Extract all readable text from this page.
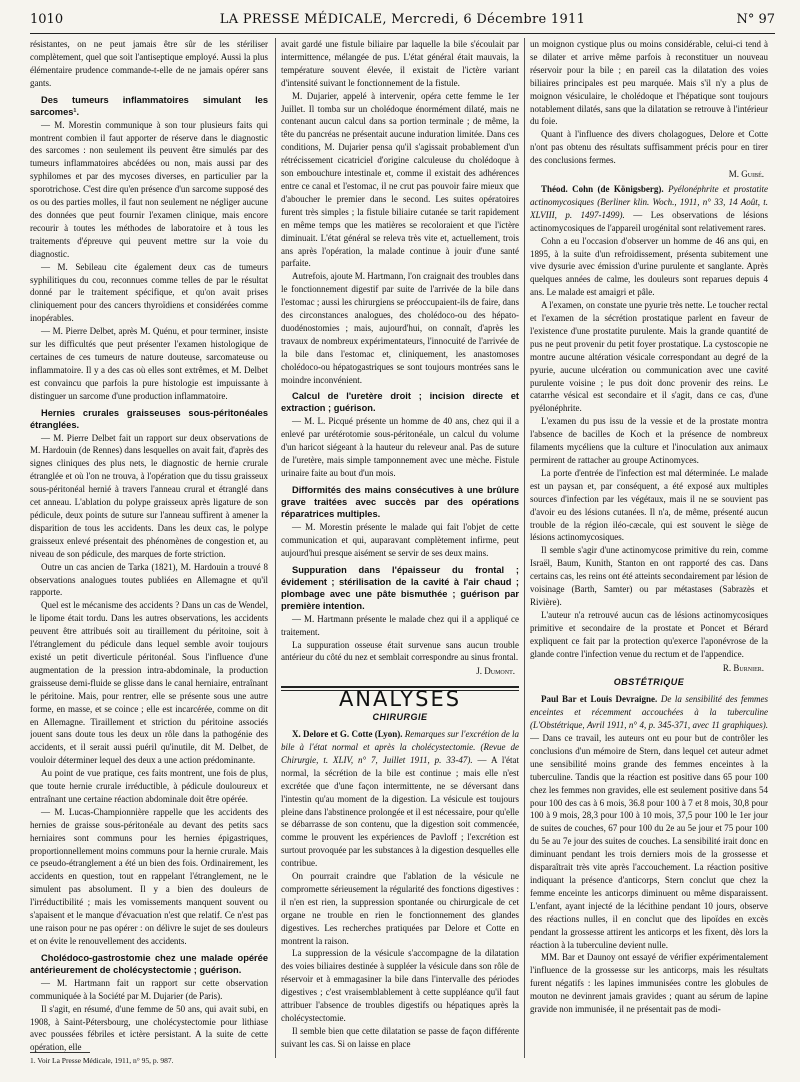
1010	LA PRESSE MÉDICALE, Mercredi, 6 Décembre 1911	N° 97

résistantes, on ne peut jamais être sûr de les stériliser complètement, quel que soit l'antiseptique employé. Aussi la plus élémentaire prudence commande-t-elle de ne jamais opérer sans gants.

Des tumeurs inflammatoires simulant les sarcomes¹.

— M. Morestin communique à son tour plusieurs faits qui montrent combien il faut apporter de réserve dans le diagnostic des sarcomes : non seulement ils peuvent être simulés par des tumeurs inflammatoires abcédées ou non, mais aussi par des syphilomes et par des mycoses diverses, en particulier par la sporotrichose. C'est dire qu'en présence d'un sarcome supposé des os ou des parties molles, il faut non seulement ne négliger aucune des données que peut fournir l'examen clinique, mais encore recourir à toutes les méthodes de laboratoire et à tous les traitements d'épreuve qui peuvent mettre sur la voie du diagnostic.

— M. Sebileau cite également deux cas de tumeurs syphilitiques du cou, reconnues comme telles de par le résultat donné par le traitement spécifique, et qu'on avait prises cliniquement pour des cancers thyroïdiens et considérées comme inopérables.

— M. Pierre Delbet, après M. Quénu, et pour terminer, insiste sur les difficultés que peut présenter l'examen histologique de certaines de ces tumeurs de nature douteuse, sarcomateuse ou inflammatoire. Il y a des cas où elles sont extrêmes, et M. Delbet est convaincu que parfois la pure histologie est impuissante à distinguer un sarcome d'une production inflammatoire.

Hernies crurales graisseuses sous-péritonéales étranglées.

— M. Pierre Delbet fait un rapport sur deux observations de M. Hardouin (de Rennes) dans lesquelles on avait fait, d'après des signes cliniques des plus nets, le diagnostic de hernie crurale étranglée et où l'on ne trouva, à l'opération que du tissu graisseux sous-péritonéal hernié à travers l'anneau crural et étranglé dans cet anneau. L'ablation du polype graisseux après ligature de son pédicule, deux points de suture sur l'anneau suffirent à amener la disparition de tous les accidents. Dans les deux cas, le polype graisseux enlevé présentait des phénomènes de congestion et, au niveau de son pédicule, des marques de forte striction.

Outre un cas ancien de Tarka (1821), M. Hardouin a trouvé 8 observations analogues toutes publiées en Allemagne et qu'il rapporte.

Quel est le mécanisme des accidents ? Dans un cas de Wendel, le lipome était tordu. Dans les autres observations, les accidents peuvent être attribués soit au tiraillement du péritoine, soit à l'étranglement du pédicule dans lequel semble avoir toujours existé un petit diverticule péritonéal. Sous l'influence d'une augmentation de la pression intra-abdominale, la production graisseuse demi-fluide se glisse dans le canal herniaire, entraînant le péritoine. Mais, pour rentrer, elle se présente sous une autre forme, en masse, et se coince ; elle est incarcérée, comme on dit en Allemagne. Tiraillement et striction du péritoine associés jouent sans doute tous les deux un rôle dans la pathogénie des accidents, et il serait aussi puéril qu'inutile, dit M. Delbet, de vouloir déterminer lequel des deux a une action prédominante.

Au point de vue pratique, ces faits montrent, une fois de plus, que toute hernie crurale irréductible, à pédicule douloureux et entraînant une certaine réaction abdominale doit être opérée.

— M. Lucas-Championnière rappelle que les accidents des hernies de graisse sous-péritonéale au devant des petits sacs herniaires sont communs pour les hernies épigastriques, proportionnellement moins communs pour la hernie crurale. Mais ce pseudo-étranglement a été un bien des fois. Ordinairement, les accidents en question, tout en rappelant l'étranglement, ne le simulent pas absolument. Il y a bien des douleurs de l'irréductibilité ; mais les vomissements manquent souvent ou s'apaisent et le manque d'évacuation n'est que relatif. Ce n'est pas une raison pour ne pas opérer : on délivre le sujet de ses douleurs et on évite le renouvellement des accidents.

Cholédoco-gastrostomie chez une malade opérée antérieurement de cholécystectomie ; guérison.

— M. Hartmann fait un rapport sur cette observation communiquée à la Société par M. Dujarier (de Paris).

Il s'agit, en résumé, d'une femme de 50 ans, qui avait subi, en 1908, à Saint-Pétersbourg, une cholécystectomie pour lithiase avec poussées fébriles et ictère persistant. A la suite de cette opération, elle

avait gardé une fistule biliaire par laquelle la bile s'écoulait par intermittence, mélangée de pus. L'état général était mauvais, la température souvent élevée, il existait de l'ictère variant d'intensité suivant le fonctionnement de la fistule.

M. Dujarier, appelé à intervenir, opéra cette femme le 1er Juillet. Il tomba sur un cholédoque énormément dilaté, mais ne contenant aucun calcul dans sa portion terminale ; de même, la tête du pancréas ne présentait aucune induration limitée. Dans ces conditions, M. Dujarier pensa qu'il s'agissait probablement d'un rétrécissement cicatriciel d'origine calculeuse du cholédoque à son embouchure intestinale et, comme il existait des adhérences entre ce canal et l'estomac, il ne crut pas pouvoir faire mieux que d'aboucher le premier dans le second. Les suites opératoires furent très simples ; la fistule biliaire cutanée se tarit rapidement en même temps que les matières se recoloraient et que l'ictère diminuait. L'état général se releva très vite et, actuellement, trois ans après l'opération, la malade continue à jouir d'une santé parfaite.

Autrefois, ajoute M. Hartmann, l'on craignait des troubles dans le fonctionnement digestif par suite de l'arrivée de la bile dans l'estomac ; aussi les chirurgiens se préoccupaient-ils de faire, dans des circonstances analogues, des cholédoco-ou des hépato-duodénostomies ; mais, aujourd'hui, on connaît, d'après les travaux de nombreux expérimentateurs, l'innocuité de l'arrivée de la bile dans l'estomac et, cliniquement, les anastomoses cholédoco-ou hépatogastriques se sont toujours montrées sans le moindre inconvénient.

Calcul de l'uretère droit ; incision directe et extraction ; guérison.

— M. L. Picqué présente un homme de 40 ans, chez qui il a enlevé par urétérotomie sous-péritonéale, un calcul du volume d'un haricot siégeant à la hauteur du releveur anal. Pas de suture de l'uretère, mais simple tamponnement avec une mèche. Fistule urinaire faite au bout d'un mois.

Difformités des mains consécutives à une brûlure grave traitées avec succès par des opérations réparatrices multiples.

— M. Morestin présente le malade qui fait l'objet de cette communication et qui, auparavant complètement infirme, peut aujourd'hui presque aisément se servir de ses deux mains.

Suppuration dans l'épaisseur du frontal ; évidement ; stérilisation de la cavité à l'air chaud ; plombage avec une pâte bismuthée ; guérison par première intention.

— M. Hartmann présente le malade chez qui il a appliqué ce traitement.

La suppuration osseuse était survenue sans aucun trouble antérieur du côté du nez et semblait correspondre au sinus frontal.

J. Dumont.
ANALYSES
CHIRURGIE

X. Delore et G. Cotte (Lyon). Remarques sur l'excrétion de la bile à l'état normal et après la cholécystectomie. (Revue de Chirurgie, t. XLIV, n° 7, Juillet 1911, p. 33-47). — A l'état normal, la sécrétion de la bile est continue ; mais elle n'est excrétée que d'une façon intermittente, ne se déversant dans l'intestin qu'au moment de la digestion. La vésicule est toujours pleine dans l'abstinence prolongée et il est nécessaire, pour qu'elle se débarrasse de son contenu, que la digestion soit commencée, comme le prouvent les expériences de Pavloff ; l'excrétion est surtout provoquée par les substances à la digestion desquelles elle contribue.

On pourrait craindre que l'ablation de la vésicule ne compromette sérieusement la régularité des fonctions digestives : il n'en est rien, la suppression spontanée ou chirurgicale de cet organe ne trouble en rien le fonctionnement des glandes digestives. Les recherches pratiquées par Delore et Cotte en montrent la raison.

La suppression de la vésicule s'accompagne de la dilatation des voies biliaires destinée à suppléer la vésicule dans son rôle de réservoir et à emmagasiner la bile dans l'intervalle des périodes digestives ; c'est vraisemblablement à cette suppléance qu'il faut attribuer l'absence de troubles digestifs ou hépatiques après la cholécystectomie.

Il semble bien que cette dilatation se passe de façon différente suivant les cas. Si on laisse en place

un moignon cystique plus ou moins considérable, celui-ci tend à se dilater et arrive même parfois à reconstituer un nouveau réservoir pour la bile ; en pareil cas la dilatation des voies biliaires principales est peu marquée. Mais s'il n'y a plus de moignon vésiculaire, le cholédoque et l'hépatique sont toujours notablement dilatés, sans que la dilatation se retrouve à l'intérieur du foie.

Quant à l'influence des divers cholagogues, Delore et Cotte n'ont pas obtenu des résultats suffisamment précis pour en tirer des conclusions fermes.

M. Guibé.

Théod. Cohn (de Königsberg). Pyélonéphrite et prostatite actinomycosiques (Berliner klin. Woch., 1911, n° 33, 14 Août, t. XLVIII, p. 1497-1499). — Les observations de lésions actinomycosiques de l'appareil urogénital sont relativement rares.

Cohn a eu l'occasion d'observer un homme de 46 ans qui, en 1895, à la suite d'un refroidissement, présenta subitement une vive dysurie avec émission d'urine purulente et sanglante. Après quelques années de calme, les douleurs sont reparues depuis 4 ans. Le malade est amaigri et pâle.

A l'examen, on constate une pyurie très nette. Le toucher rectal et l'examen de la sécrétion prostatique parlent en faveur de l'existence d'une prostatite purulente. Mais la grande quantité de pus ne peut provenir du petit foyer prostatique. La cystoscopie ne montre aucune altération vésicale correspondant au degré de la pyurie, aucune ulcération ou communication avec une cavité purulente voisine ; le pus doit donc provenir des reins. Le catarrhe vésical est secondaire et il s'agit, dans ce cas, d'une pyélonéphrite.

L'examen du pus issu de la vessie et de la prostate montra l'absence de bacilles de Koch et la présence de nombreux filaments mycéliens que la culture et l'inoculation aux animaux permirent de rattacher au groupe Actinomyces.

La porte d'entrée de l'infection est mal déterminée. Le malade est un paysan et, par conséquent, a été exposé aux multiples sources d'infection par les végétaux, mais il ne se souvient pas d'avoir eu des lésions cutanées. Il n'a, de même, présenté aucun trouble de la région iléo-cæcale, qui est souvent le siège de lésions actinomycosiques.

Il semble s'agir d'une actinomycose primitive du rein, comme Israël, Baum, Kunith, Stanton en ont rapporté des cas. Dans certains cas, les reins ont été atteints secondairement par lésion de voisinage (Barth, Samter) ou par métastases (Sabrazès et Rivière).

L'auteur n'a retrouvé aucun cas de lésions actinomycosiques primitive et secondaire de la prostate et Poncet et Bérard expliquent ce fait par la protection qu'exerce l'aponévrose de la glande contre l'infection venue du rectum et de l'appendice.

R. Burnier.
OBSTÉTRIQUE

Paul Bar et Louis Devraigne. De la sensibilité des femmes enceintes et récemment accouchées à la tuberculine (L'Obstétrique, Avril 1911, n° 4, p. 345-371, avec 11 graphiques). — Dans ce travail, les auteurs ont eu pour but de contrôler les conclusions d'un mémoire de Stern, dans lequel cet auteur admet une sensibilité moins grande des femmes enceintes à la tuberculine. Tandis que la réaction est positive dans 65 pour 100 chez les femmes non gravides, elle est seulement positive dans 54 pour 100 des cas à 6 mois, 36.8 pour 100 à 7 et 8 mois, 30,8 pour 100 à 9 mois, 28,3 pour 100 à 10 mois, 37,5 pour 100 le 1er jour de suites de couches, 67 pour 100 du 2e au 5e jour et 75 pour 100 du 5e au 7e jour des suites de couches. La sensibilité irait donc en diminuant pendant les trois derniers mois de la grossesse et disparaîtrait très vite après l'accouchement. La réaction positive indiquant la présence d'anticorps, Stern conclut que chez la femme enceinte les anticorps diminuent ou même disparaissent. L'enfant, ayant injecté de la lécithine pendant 10 jours, observe des réactions nulles, il en conclut que des lipoïdes en excès pendant la grossesse attirent les anticorps et les fixent, dès lors la réaction à la tuberculine devient nulle.

MM. Bar et Daunoy ont essayé de vérifier expérimentalement l'influence de la grossesse sur les anticorps, mais les résultats furent négatifs : les lapines immunisées contre les globules de mouton ne devinrent jamais gravides ; quant au sérum de lapine gravide non immunisée, il ne présentait pas de modi-

1. Voir La Presse Médicale, 1911, n° 95, p. 987.
